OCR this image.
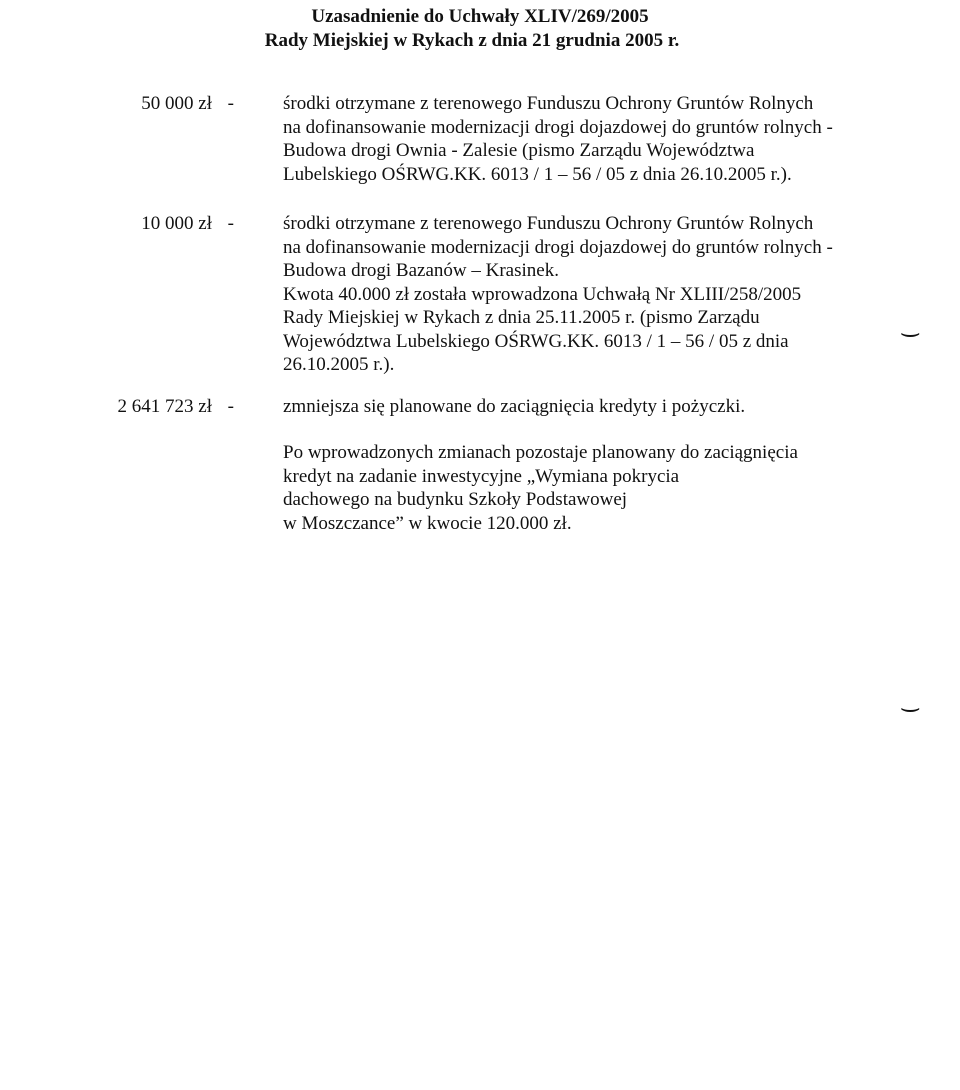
Uzasadnienie do Uchwały XLIV/269/2005
Rady Miejskiej w Rykach z dnia 21 grudnia 2005 r.
50 000 zł -	środki otrzymane z terenowego Funduszu Ochrony Gruntów Rolnych
na dofinansowanie modernizacji drogi dojazdowej do gruntów rolnych -
Budowa drogi Ownia - Zalesie (pismo Zarządu Województwa
Lubelskiego OŚRWG.KK. 6013 / 1 – 56 / 05 z dnia 26.10.2005 r.).
10 000 zł -	środki otrzymane z terenowego Funduszu Ochrony Gruntów Rolnych
na dofinansowanie modernizacji drogi dojazdowej do gruntów rolnych -
Budowa drogi Bazanów – Krasinek.
Kwota 40.000 zł została wprowadzona Uchwałą Nr XLIII/258/2005
Rady Miejskiej w Rykach z dnia 25.11.2005 r. (pismo Zarządu
Województwa Lubelskiego OŚRWG.KK. 6013 / 1 – 56 / 05 z dnia
26.10.2005 r.).
2 641 723 zł -	zmniejsza się planowane do zaciągnięcia kredyty i pożyczki.
Po wprowadzonych zmianach pozostaje planowany do zaciągnięcia
kredyt na zadanie inwestycyjne „Wymiana pokrycia
dachowego na budynku Szkoły Podstawowej
w Moszczance” w kwocie 120.000 zł.
⌣
⌣
